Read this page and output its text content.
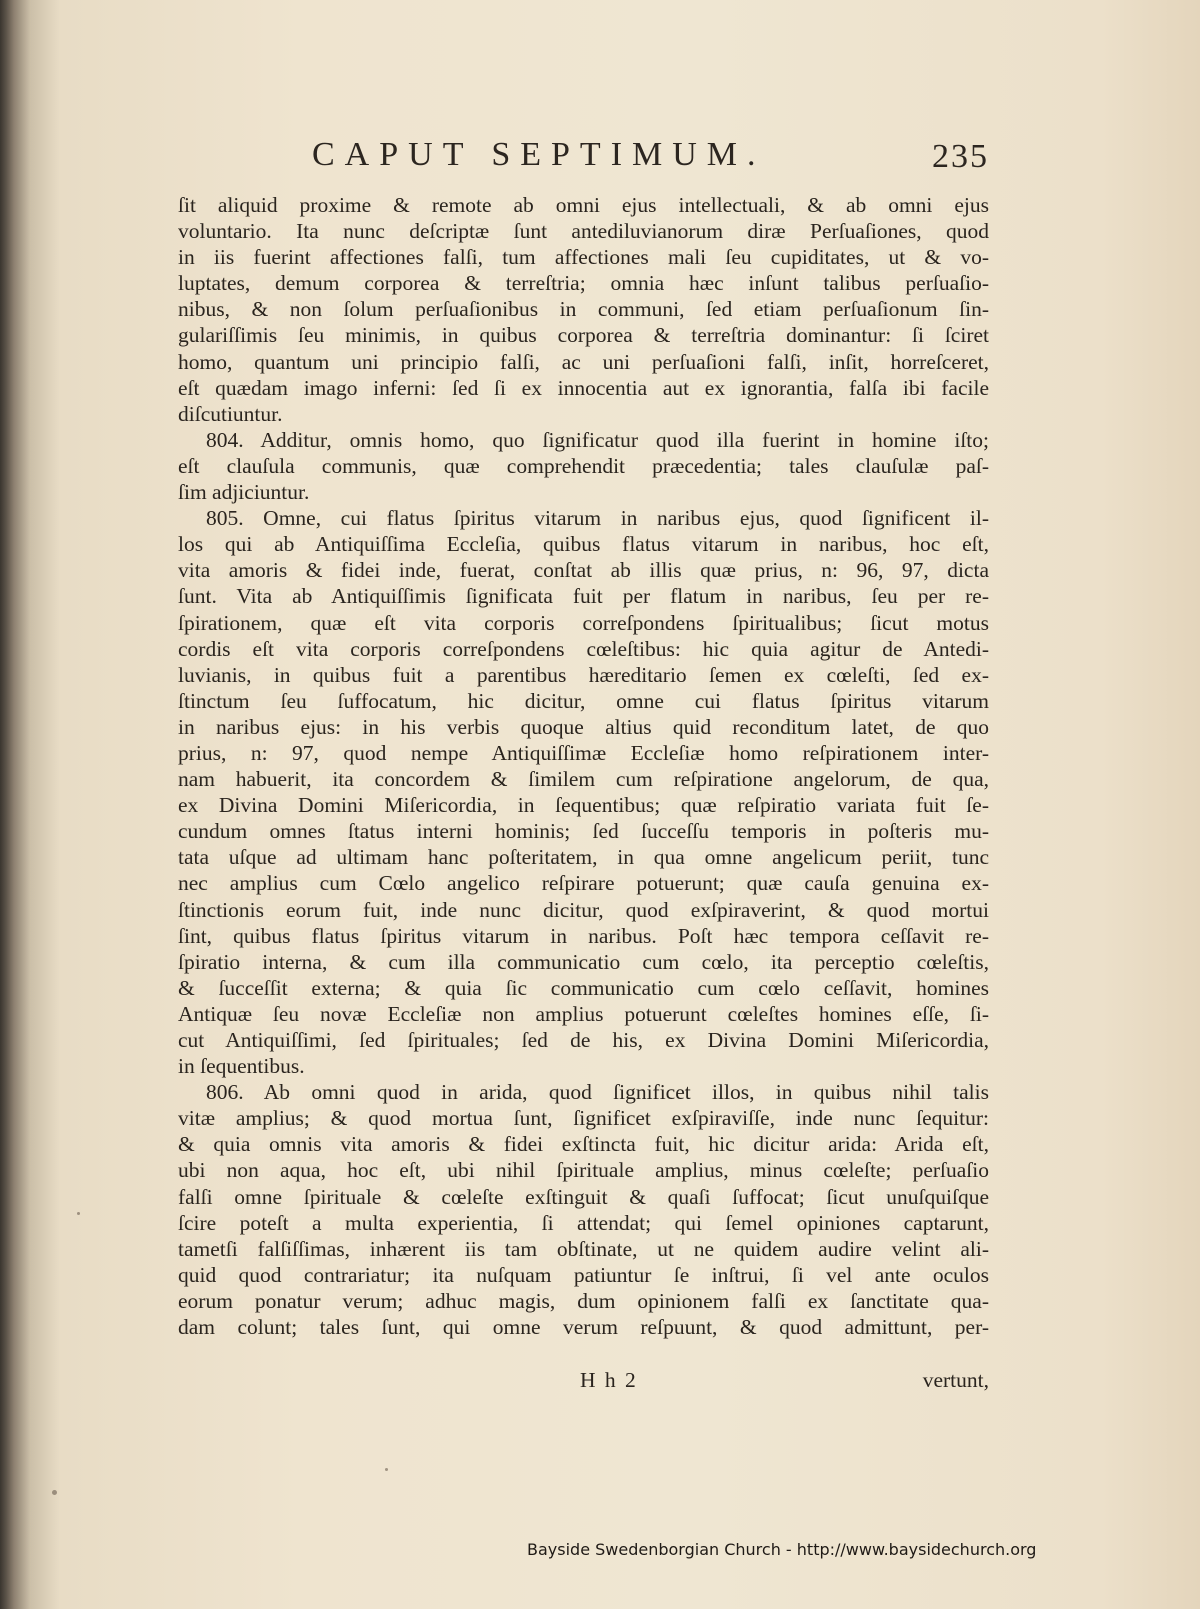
CAPUT SEPTIMUM.	235
ſit aliquid proxime & remote ab omni ejus intellectuali, & ab omni ejus
voluntario. Ita nunc deſcriptæ ſunt antediluvianorum diræ Perſuaſiones, quod
in iis fuerint affectiones falſi, tum affectiones mali ſeu cupiditates, ut & vo-
luptates, demum corporea & terreſtria; omnia hæc inſunt talibus perſuaſio-
nibus, & non ſolum perſuaſionibus in communi, ſed etiam perſuaſionum ſin-
gulariſſimis ſeu minimis, in quibus corporea & terreſtria dominantur: ſi ſciret
homo, quantum uni principio falſi, ac uni perſuaſioni falſi, inſit, horreſceret,
eſt quædam imago inferni: ſed ſi ex innocentia aut ex ignorantia, falſa ibi facile
diſcutiuntur.
804. Additur, omnis homo, quo ſignificatur quod illa fuerint in homine iſto;
eſt clauſula communis, quæ comprehendit præcedentia; tales clauſulæ paſ-
ſim adjiciuntur.
805. Omne, cui flatus ſpiritus vitarum in naribus ejus, quod ſignificent il-
los qui ab Antiquiſſima Eccleſia, quibus flatus vitarum in naribus, hoc eſt,
vita amoris & fidei inde, fuerat, conſtat ab illis quæ prius, n: 96, 97, dicta
ſunt. Vita ab Antiquiſſimis ſignificata fuit per flatum in naribus, ſeu per re-
ſpirationem, quæ eſt vita corporis correſpondens ſpiritualibus; ſicut motus
cordis eſt vita corporis correſpondens cœleſtibus: hic quia agitur de Antedi-
luvianis, in quibus fuit a parentibus hæreditario ſemen ex cœleſti, ſed ex-
ſtinctum ſeu ſuffocatum, hic dicitur, omne cui flatus ſpiritus vitarum
in naribus ejus: in his verbis quoque altius quid reconditum latet, de quo
prius, n: 97, quod nempe Antiquiſſimæ Eccleſiæ homo reſpirationem inter-
nam habuerit, ita concordem & ſimilem cum reſpiratione angelorum, de qua,
ex Divina Domini Miſericordia, in ſequentibus; quæ reſpiratio variata fuit ſe-
cundum omnes ſtatus interni hominis; ſed ſucceſſu temporis in poſteris mu-
tata uſque ad ultimam hanc poſteritatem, in qua omne angelicum periit, tunc
nec amplius cum Cœlo angelico reſpirare potuerunt; quæ cauſa genuina ex-
ſtinctionis eorum fuit, inde nunc dicitur, quod exſpiraverint, & quod mortui
ſint, quibus flatus ſpiritus vitarum in naribus. Poſt hæc tempora ceſſavit re-
ſpiratio interna, & cum illa communicatio cum cœlo, ita perceptio cœleſtis,
& ſucceſſit externa; & quia ſic communicatio cum cœlo ceſſavit, homines
Antiquæ ſeu novæ Eccleſiæ non amplius potuerunt cœleſtes homines eſſe, ſi-
cut Antiquiſſimi, ſed ſpirituales; ſed de his, ex Divina Domini Miſericordia,
in ſequentibus.
806. Ab omni quod in arida, quod ſignificet illos, in quibus nihil talis
vitæ amplius; & quod mortua ſunt, ſignificet exſpiraviſſe, inde nunc ſequitur:
& quia omnis vita amoris & fidei exſtincta fuit, hic dicitur arida: Arida eſt,
ubi non aqua, hoc eſt, ubi nihil ſpirituale amplius, minus cœleſte; perſuaſio
falſi omne ſpirituale & cœleſte exſtinguit & quaſi ſuffocat; ſicut unuſquiſque
ſcire poteſt a multa experientia, ſi attendat; qui ſemel opiniones captarunt,
tametſi falſiſſimas, inhærent iis tam obſtinate, ut ne quidem audire velint ali-
quid quod contrariatur; ita nuſquam patiuntur ſe inſtrui, ſi vel ante oculos
eorum ponatur verum; adhuc magis, dum opinionem falſi ex ſanctitate qua-
dam colunt; tales ſunt, qui omne verum reſpuunt, & quod admittunt, per-
H h 2	vertunt,
Bayside Swedenborgian Church - http://www.baysidechurch.org
